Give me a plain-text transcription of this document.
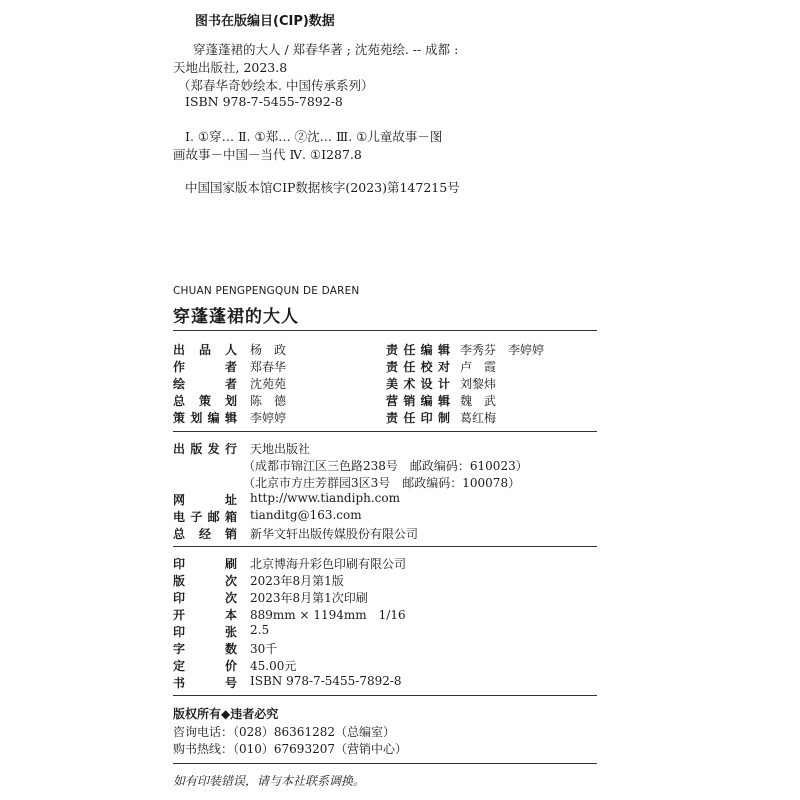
图书在版编目(CIP)数据
穿蓬蓬裙的大人 / 郑春华著 ; 沈苑苑绘. -- 成都 :
天地出版社, 2023.8
（郑春华奇妙绘本. 中国传承系列）
ISBN 978-7-5455-7892-8
Ⅰ. ①穿… Ⅱ. ①郑… ②沈… Ⅲ. ①儿童故事－图
画故事－中国－当代 Ⅳ. ①I287.8
中国国家版本馆CIP数据核字(2023)第147215号
CHUAN PENGPENGQUN DE DAREN
穿蓬蓬裙的大人
出品人 杨　政	责任编辑 李秀芬　李婷婷
作　者 郑春华	责任校对 卢　霞
绘　者 沈苑苑	美术设计 刘黎炜
总策划 陈　德	营销编辑 魏　武
策划编辑 李婷婷	责任印制 葛红梅
出版发行 天地出版社
（成都市锦江区三色路238号　邮政编码：610023）
（北京市方庄芳群园3区3号　邮政编码：100078）
网　址 http://www.tiandiph.com
电子邮箱 tianditg@163.com
总经销 新华文轩出版传媒股份有限公司
印　刷 北京博海升彩色印刷有限公司
版　次 2023年8月第1版
印　次 2023年8月第1次印刷
开　本 889mm × 1194mm　1/16
印　张 2.5
字　数 30千
定　价 45.00元
书　号 ISBN 978-7-5455-7892-8
版权所有◆违者必究
咨询电话：（028）86361282（总编室）
购书热线：（010）67693207（营销中心）
如有印装错误，请与本社联系调换。
